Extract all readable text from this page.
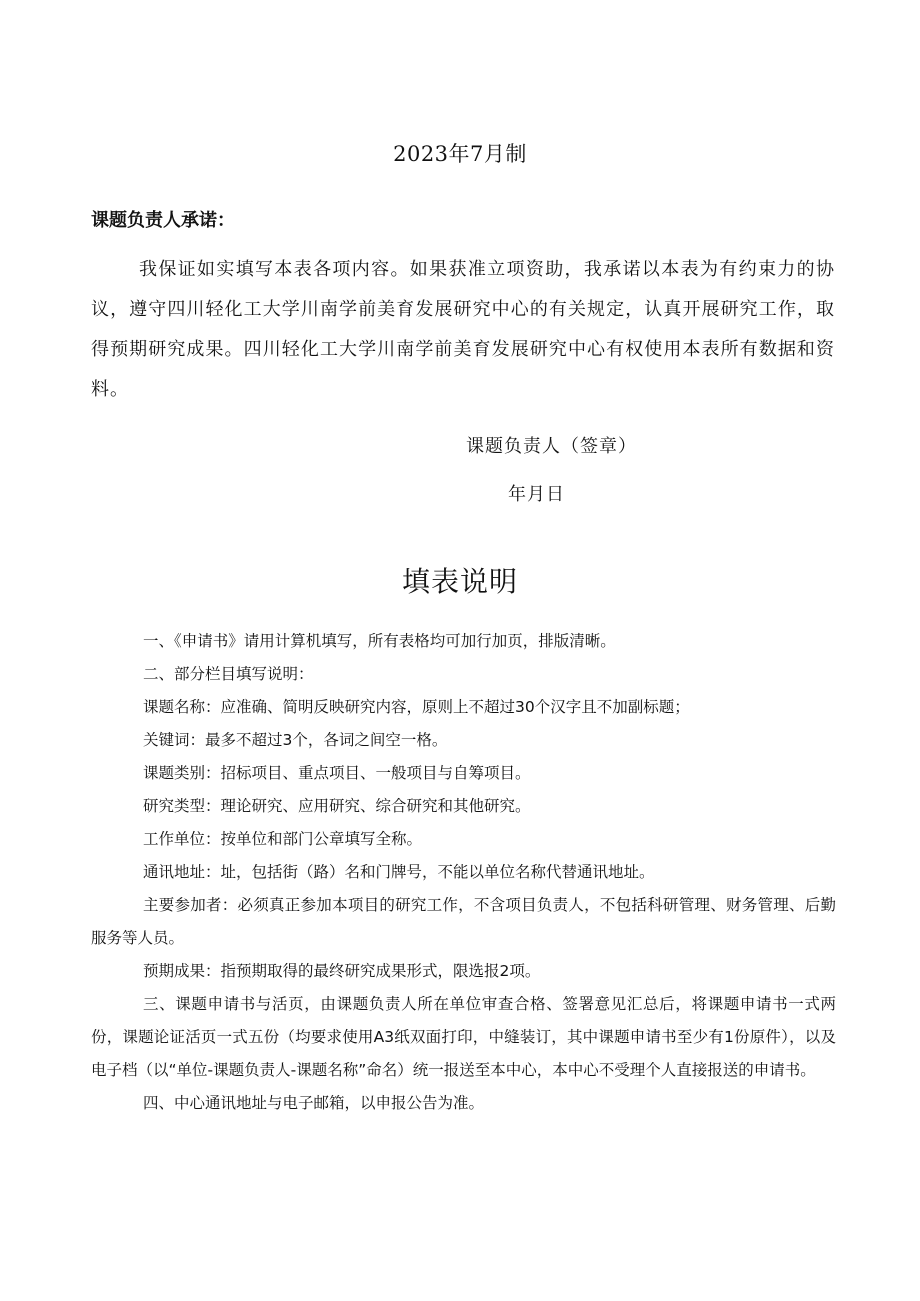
2023年7月制
课题负责人承诺：

我保证如实填写本表各项内容。如果获准立项资助，我承诺以本表为有约束力的协议，遵守四川轻化工大学川南学前美育发展研究中心的有关规定，认真开展研究工作，取得预期研究成果。四川轻化工大学川南学前美育发展研究中心有权使用本表所有数据和资料。

课题负责人（签章）
年月日
填表说明

一、《申请书》请用计算机填写，所有表格均可加行加页，排版清晰。

二、部分栏目填写说明：

课题名称：应准确、简明反映研究内容，原则上不超过30个汉字且不加副标题；

关键词：最多不超过3个，各词之间空一格。

课题类别：招标项目、重点项目、一般项目与自筹项目。

研究类型：理论研究、应用研究、综合研究和其他研究。

工作单位：按单位和部门公章填写全称。

通讯地址：址，包括街（路）名和门牌号，不能以单位名称代替通讯地址。

主要参加者：必须真正参加本项目的研究工作，不含项目负责人，不包括科研管理、财务管理、后勤服务等人员。

预期成果：指预期取得的最终研究成果形式，限选报2项。

三、课题申请书与活页，由课题负责人所在单位审查合格、签署意见汇总后，将课题申请书一式两份，课题论证活页一式五份（均要求使用A3纸双面打印，中缝装订，其中课题申请书至少有1份原件），以及电子档（以“单位-课题负责人-课题名称”命名）统一报送至本中心，本中心不受理个人直接报送的申请书。

四、中心通讯地址与电子邮箱，以申报公告为准。
